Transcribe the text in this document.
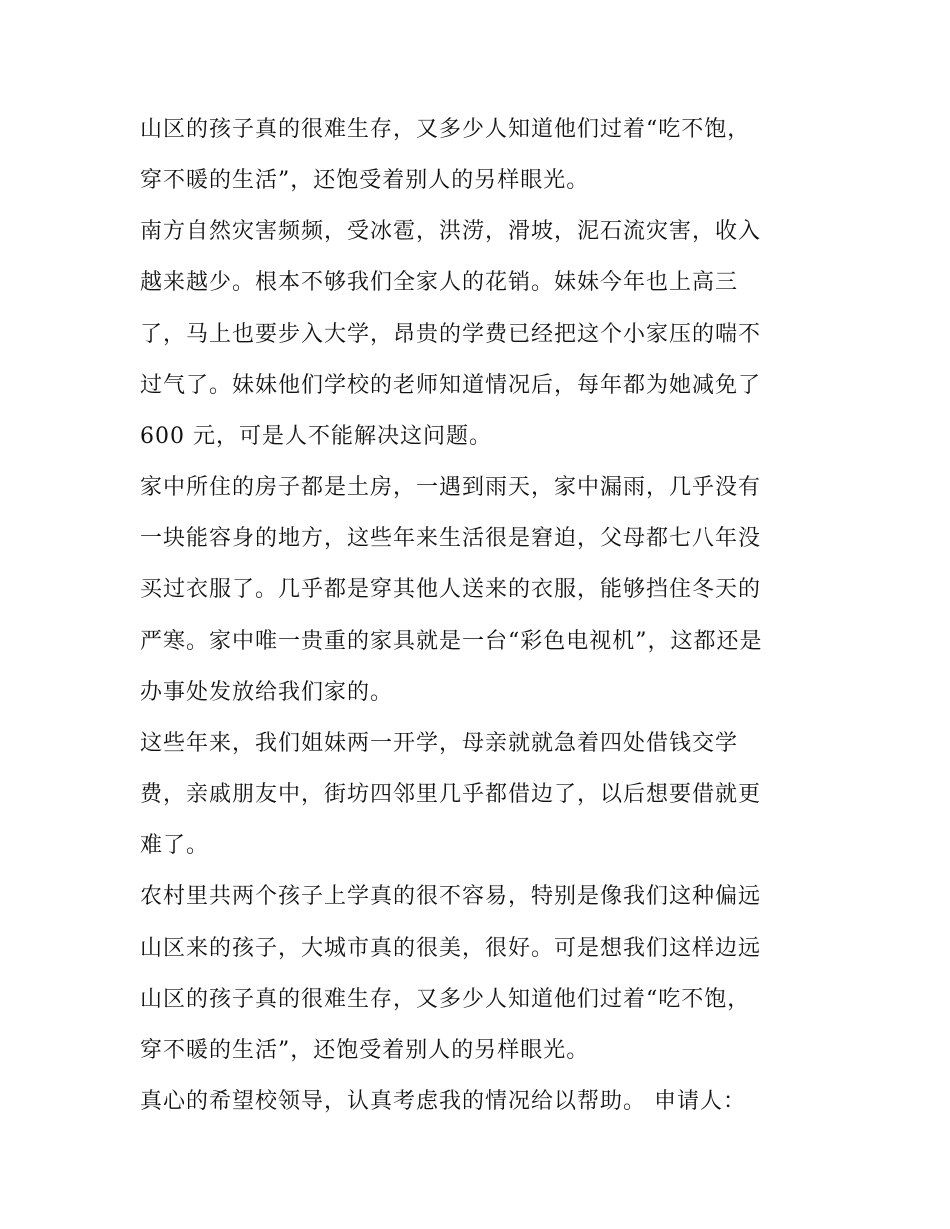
山区的孩子真的很难生存，又多少人知道他们过着“吃不饱，
穿不暖的生活”，还饱受着别人的另样眼光。
南方自然灾害频频，受冰雹，洪涝，滑坡，泥石流灾害，收入
越来越少。根本不够我们全家人的花销。妹妹今年也上高三
了，马上也要步入大学，昂贵的学费已经把这个小家压的喘不
过气了。妹妹他们学校的老师知道情况后，每年都为她减免了
600 元，可是人不能解决这问题。
家中所住的房子都是土房，一遇到雨天，家中漏雨，几乎没有
一块能容身的地方，这些年来生活很是窘迫，父母都七八年没
买过衣服了。几乎都是穿其他人送来的衣服，能够挡住冬天的
严寒。家中唯一贵重的家具就是一台“彩色电视机”，这都还是
办事处发放给我们家的。
这些年来，我们姐妹两一开学，母亲就就急着四处借钱交学
费，亲戚朋友中，街坊四邻里几乎都借边了，以后想要借就更
难了。
农村里共两个孩子上学真的很不容易，特别是像我们这种偏远
山区来的孩子，大城市真的很美，很好。可是想我们这样边远
山区的孩子真的很难生存，又多少人知道他们过着“吃不饱，
穿不暖的生活”，还饱受着别人的另样眼光。
真心的希望校领导，认真考虑我的情况给以帮助。 申请人：
